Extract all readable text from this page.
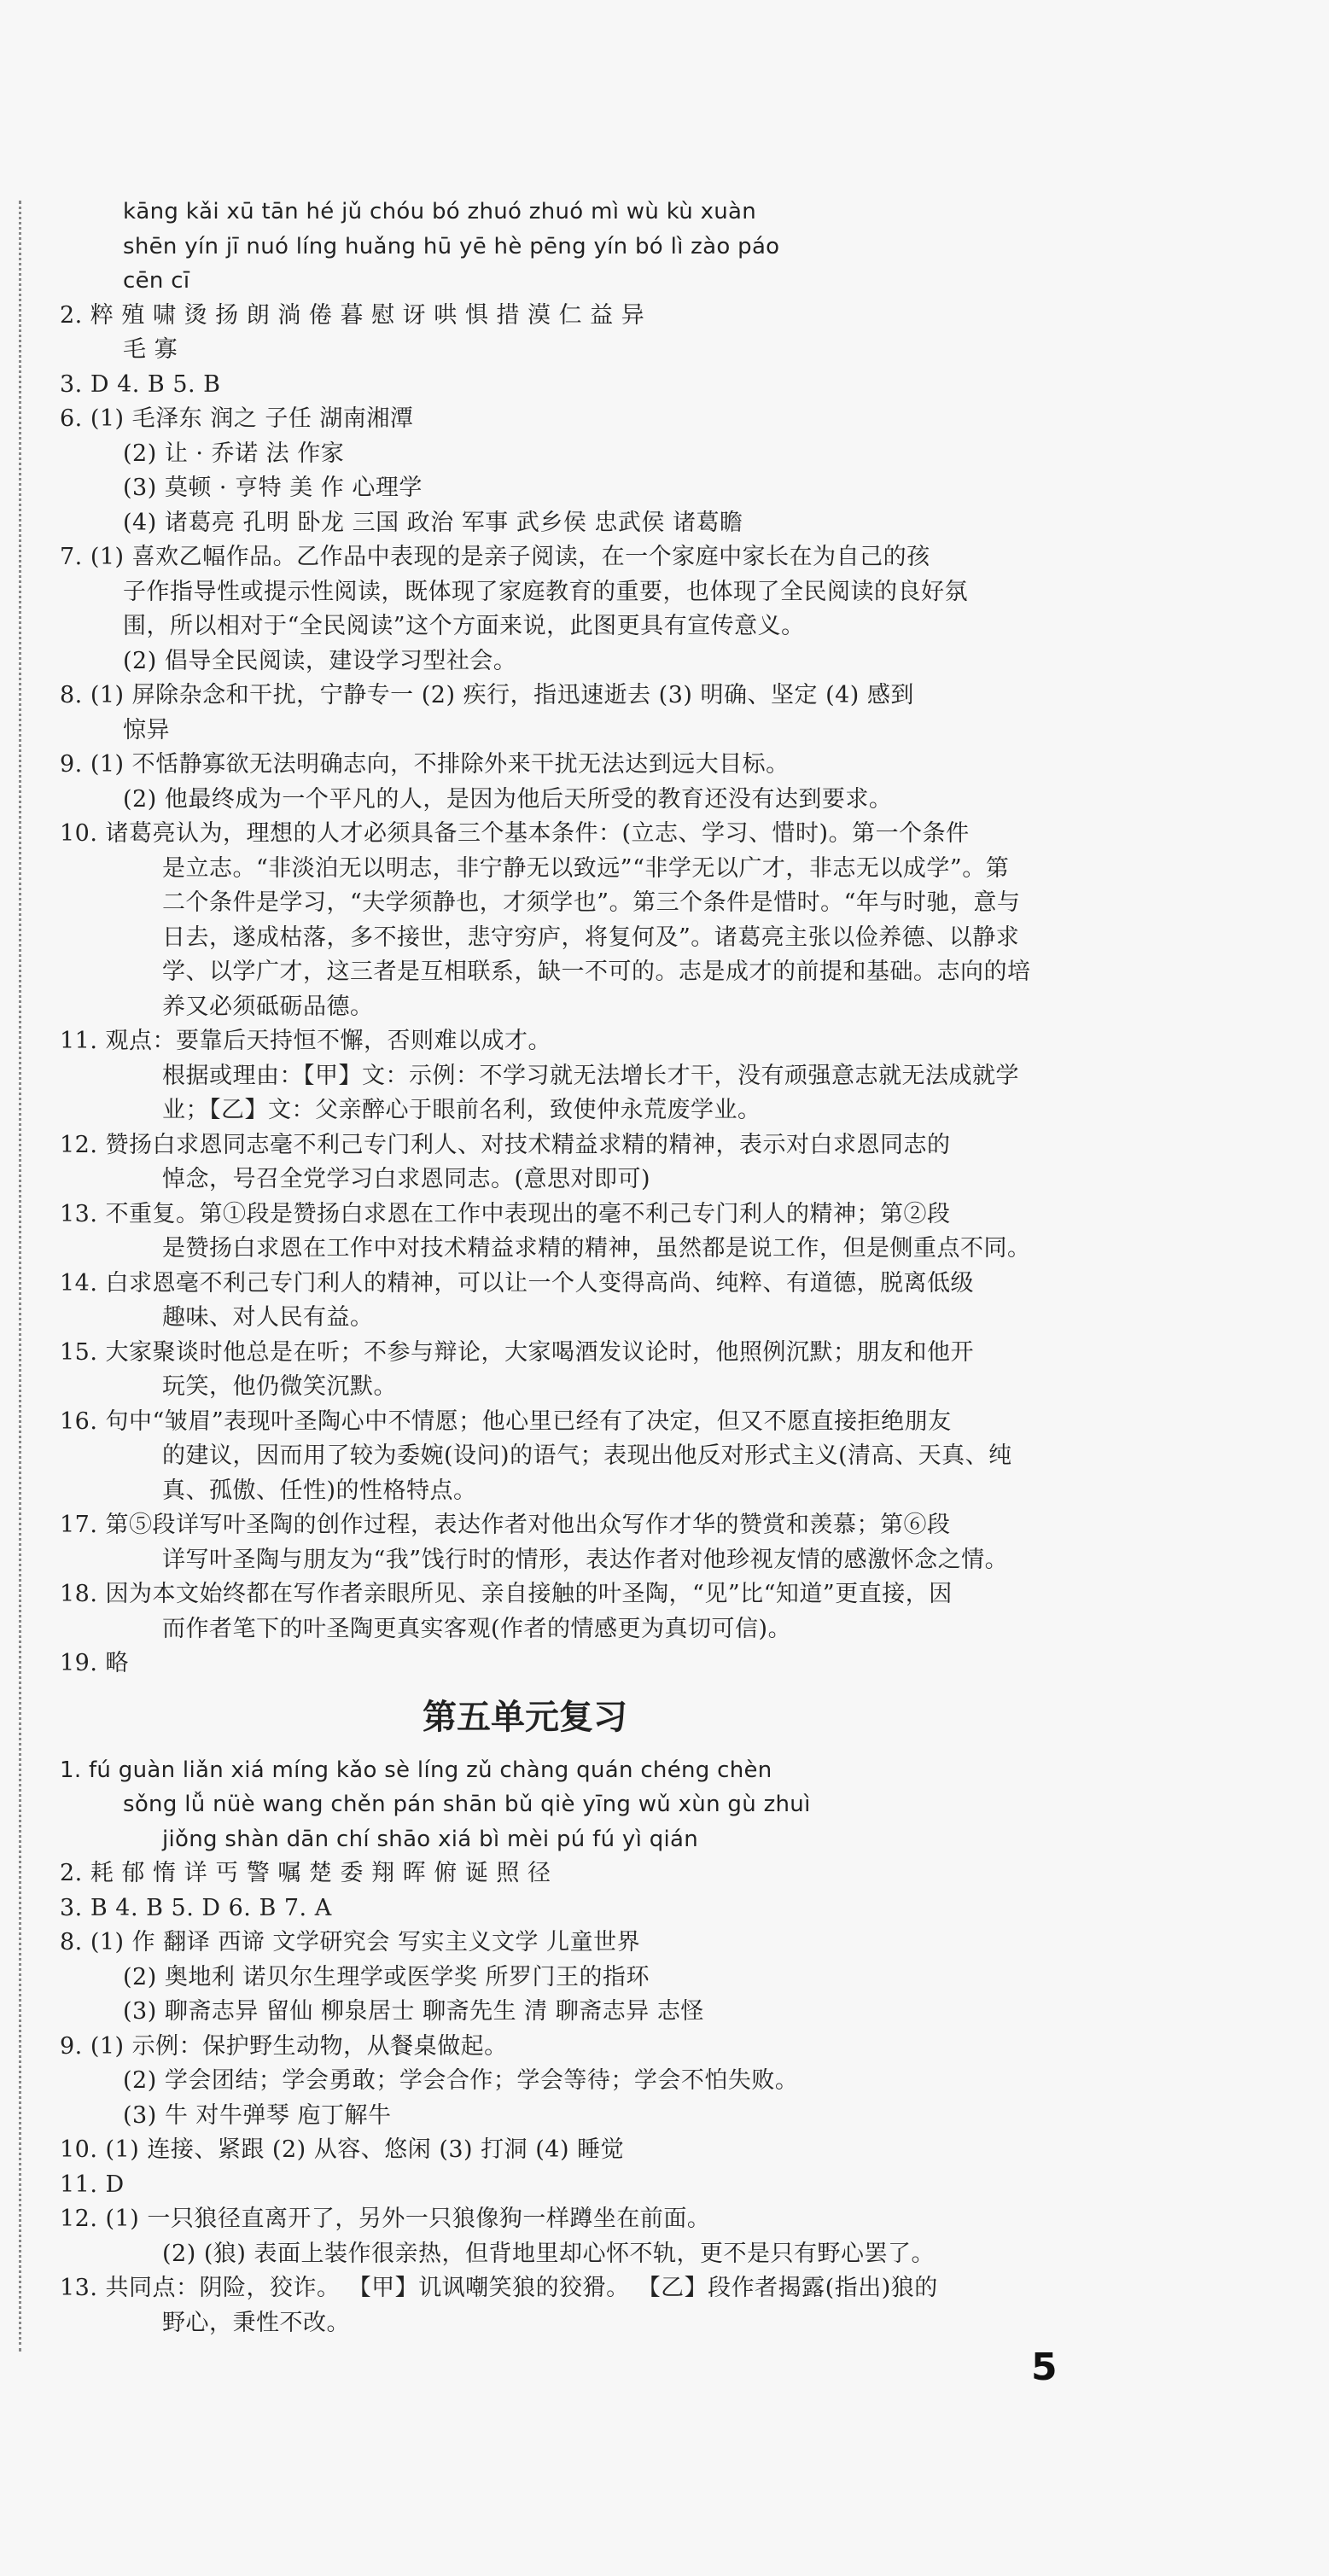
kāng kǎi xū tān hé jǔ chóu bó zhuó zhuó mì wù kù xuàn
shēn yín jī nuó líng huǎng hū yē hè pēng yín bó lì zào páo
cēn cī
2. 粹 殖 啸 烫 扬 朗 淌 倦 暮 慰 讶 哄 惧 措 漠 仁 益 异
毛 寡
3. D 4. B 5. B
6. (1) 毛泽东 润之 子任 湖南湘潭
(2) 让 · 乔诺 法 作家
(3) 莫顿 · 亨特 美 作 心理学
(4) 诸葛亮 孔明 卧龙 三国 政治 军事 武乡侯 忠武侯 诸葛瞻
7. (1) 喜欢乙幅作品。乙作品中表现的是亲子阅读，在一个家庭中家长在为自己的孩
子作指导性或提示性阅读，既体现了家庭教育的重要，也体现了全民阅读的良好氛
围，所以相对于“全民阅读”这个方面来说，此图更具有宣传意义。
(2) 倡导全民阅读，建设学习型社会。
8. (1) 屏除杂念和干扰，宁静专一 (2) 疾行，指迅速逝去 (3) 明确、坚定 (4) 感到
惊异
9. (1) 不恬静寡欲无法明确志向，不排除外来干扰无法达到远大目标。
(2) 他最终成为一个平凡的人，是因为他后天所受的教育还没有达到要求。
10. 诸葛亮认为，理想的人才必须具备三个基本条件：(立志、学习、惜时)。第一个条件
是立志。“非淡泊无以明志，非宁静无以致远”“非学无以广才，非志无以成学”。第
二个条件是学习，“夫学须静也，才须学也”。第三个条件是惜时。“年与时驰，意与
日去，遂成枯落，多不接世，悲守穷庐，将复何及”。诸葛亮主张以俭养德、以静求
学、以学广才，这三者是互相联系，缺一不可的。志是成才的前提和基础。志向的培
养又必须砥砺品德。
11. 观点：要靠后天持恒不懈，否则难以成才。
根据或理由：【甲】文：示例：不学习就无法增长才干，没有顽强意志就无法成就学
业；【乙】文：父亲醉心于眼前名利，致使仲永荒废学业。
12. 赞扬白求恩同志毫不利己专门利人、对技术精益求精的精神，表示对白求恩同志的
悼念，号召全党学习白求恩同志。(意思对即可)
13. 不重复。第①段是赞扬白求恩在工作中表现出的毫不利己专门利人的精神；第②段
是赞扬白求恩在工作中对技术精益求精的精神，虽然都是说工作，但是侧重点不同。
14. 白求恩毫不利己专门利人的精神，可以让一个人变得高尚、纯粹、有道德，脱离低级
趣味、对人民有益。
15. 大家聚谈时他总是在听；不参与辩论，大家喝酒发议论时，他照例沉默；朋友和他开
玩笑，他仍微笑沉默。
16. 句中“皱眉”表现叶圣陶心中不情愿；他心里已经有了决定，但又不愿直接拒绝朋友
的建议，因而用了较为委婉(设问)的语气；表现出他反对形式主义(清高、天真、纯
真、孤傲、任性)的性格特点。
17. 第⑤段详写叶圣陶的创作过程，表达作者对他出众写作才华的赞赏和羡慕；第⑥段
详写叶圣陶与朋友为“我”饯行时的情形，表达作者对他珍视友情的感激怀念之情。
18. 因为本文始终都在写作者亲眼所见、亲自接触的叶圣陶，“见”比“知道”更直接，因
而作者笔下的叶圣陶更真实客观(作者的情感更为真切可信)。
19. 略
第五单元复习
1. fú guàn liǎn xiá míng kǎo sè líng zǔ chàng quán chéng chèn
sǒng lǚ nüè wang chěn pán shān bǔ qiè yīng wǔ xùn gù zhuì
jiǒng shàn dān chí shāo xiá bì mèi pú fú yì qián
2. 耗 郁 惰 详 丐 警 嘱 楚 委 翔 晖 俯 诞 照 径
3. B 4. B 5. D 6. B 7. A
8. (1) 作 翻译 西谛 文学研究会 写实主义文学 儿童世界
(2) 奥地利 诺贝尔生理学或医学奖 所罗门王的指环
(3) 聊斋志异 留仙 柳泉居士 聊斋先生 清 聊斋志异 志怪
9. (1) 示例：保护野生动物，从餐桌做起。
(2) 学会团结；学会勇敢；学会合作；学会等待；学会不怕失败。
(3) 牛 对牛弹琴 庖丁解牛
10. (1) 连接、紧跟 (2) 从容、悠闲 (3) 打洞 (4) 睡觉
11. D
12. (1) 一只狼径直离开了，另外一只狼像狗一样蹲坐在前面。
(2) (狼) 表面上装作很亲热，但背地里却心怀不轨，更不是只有野心罢了。
13. 共同点：阴险，狡诈。 【甲】讥讽嘲笑狼的狡猾。 【乙】段作者揭露(指出)狼的
野心，秉性不改。
5
